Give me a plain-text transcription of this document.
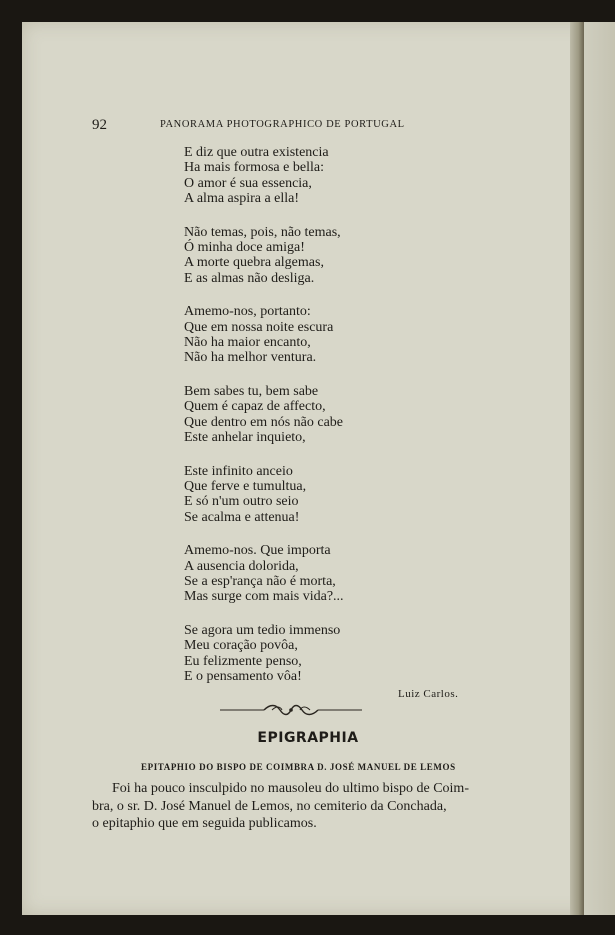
92	PANORAMA PHOTOGRAPHICO DE PORTUGAL
E diz que outra existencia
Ha mais formosa e bella:
O amor é sua essencia,
A alma aspira a ella!
Não temas, pois, não temas,
Ó minha doce amiga!
A morte quebra algemas,
E as almas não desliga.
Amemo-nos, portanto:
Que em nossa noite escura
Não ha maior encanto,
Não ha melhor ventura.
Bem sabes tu, bem sabe
Quem é capaz de affecto,
Que dentro em nós não cabe
Este anhelar inquieto,
Este infinito anceio
Que ferve e tumultua,
E só n'um outro seio
Se acalma e attenua!
Amemo-nos. Que importa
A ausencia dolorida,
Se a esp'rança não é morta,
Mas surge com mais vida?...
Se agora um tedio immenso
Meu coração povôa,
Eu felizmente penso,
E o pensamento vôa!
Luiz Carlos.
EPIGRAPHIA
EPITAPHIO DO BISPO DE COIMBRA D. JOSÉ MANUEL DE LEMOS
Foi ha pouco insculpido no mausoleu do ultimo bispo de Coim-
bra, o sr. D. José Manuel de Lemos, no cemiterio da Conchada,
o epitaphio que em seguida publicamos.
